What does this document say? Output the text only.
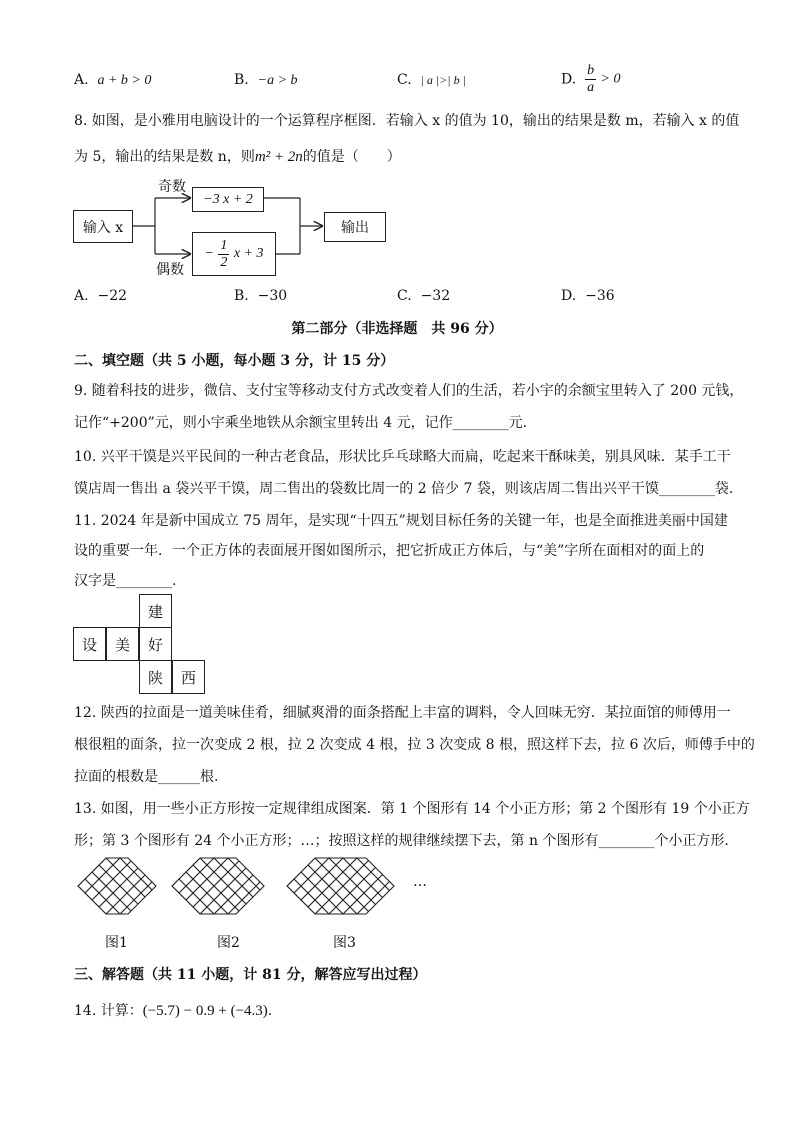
A. a + b > 0	B. −a > b	C. | a |>| b |	D. $\frac{b}{a} > 0$
8. 如图，是小雅用电脑设计的一个运算程序框图．若输入 x 的值为 10，输出的结果是数 m，若输入 x 的值
为 5，输出的结果是数 n，则m² + 2n的值是（　　）
输入 x
奇数
偶数
−3 x + 2
−
$\frac{1}{2}$
x + 3
输出
A. −22	B. −30	C. −32	D. −36
第二部分（非选择题　共 96 分）
二、填空题（共 5 小题，每小题 3 分，计 15 分）
9. 随着科技的进步，微信、支付宝等移动支付方式改变着人们的生活，若小宇的余额宝里转入了 200 元钱，
记作“+200”元，则小宇乘坐地铁从余额宝里转出 4 元，记作________元.
10. 兴平干馍是兴平民间的一种古老食品，形状比乒乓球略大而扁，吃起来干酥味美，别具风味．某手工干
馍店周一售出 a 袋兴平干馍，周二售出的袋数比周一的 2 倍少 7 袋，则该店周二售出兴平干馍________袋.
11. 2024 年是新中国成立 75 周年，是实现“十四五”规划目标任务的关键一年，也是全面推进美丽中国建
设的重要一年．一个正方体的表面展开图如图所示，把它折成正方体后，与“美”字所在面相对的面上的
汉字是________.
建
设	美	好
陕	西
12. 陕西的拉面是一道美味佳肴，细腻爽滑的面条搭配上丰富的调料，令人回味无穷．某拉面馆的师傅用一
根很粗的面条，拉一次变成 2 根，拉 2 次变成 4 根，拉 3 次变成 8 根，照这样下去，拉 6 次后，师傅手中的
拉面的根数是______根.
13. 如图，用一些小正方形按一定规律组成图案．第 1 个图形有 14 个小正方形；第 2 个图形有 19 个小正方
形；第 3 个图形有 24 个小正方形；…；按照这样的规律继续摆下去，第 n 个图形有________个小正方形.
…
图1	图2	图3
三、解答题（共 11 小题，计 81 分，解答应写出过程）
14. 计算：(−5.7) − 0.9 + (−4.3).
